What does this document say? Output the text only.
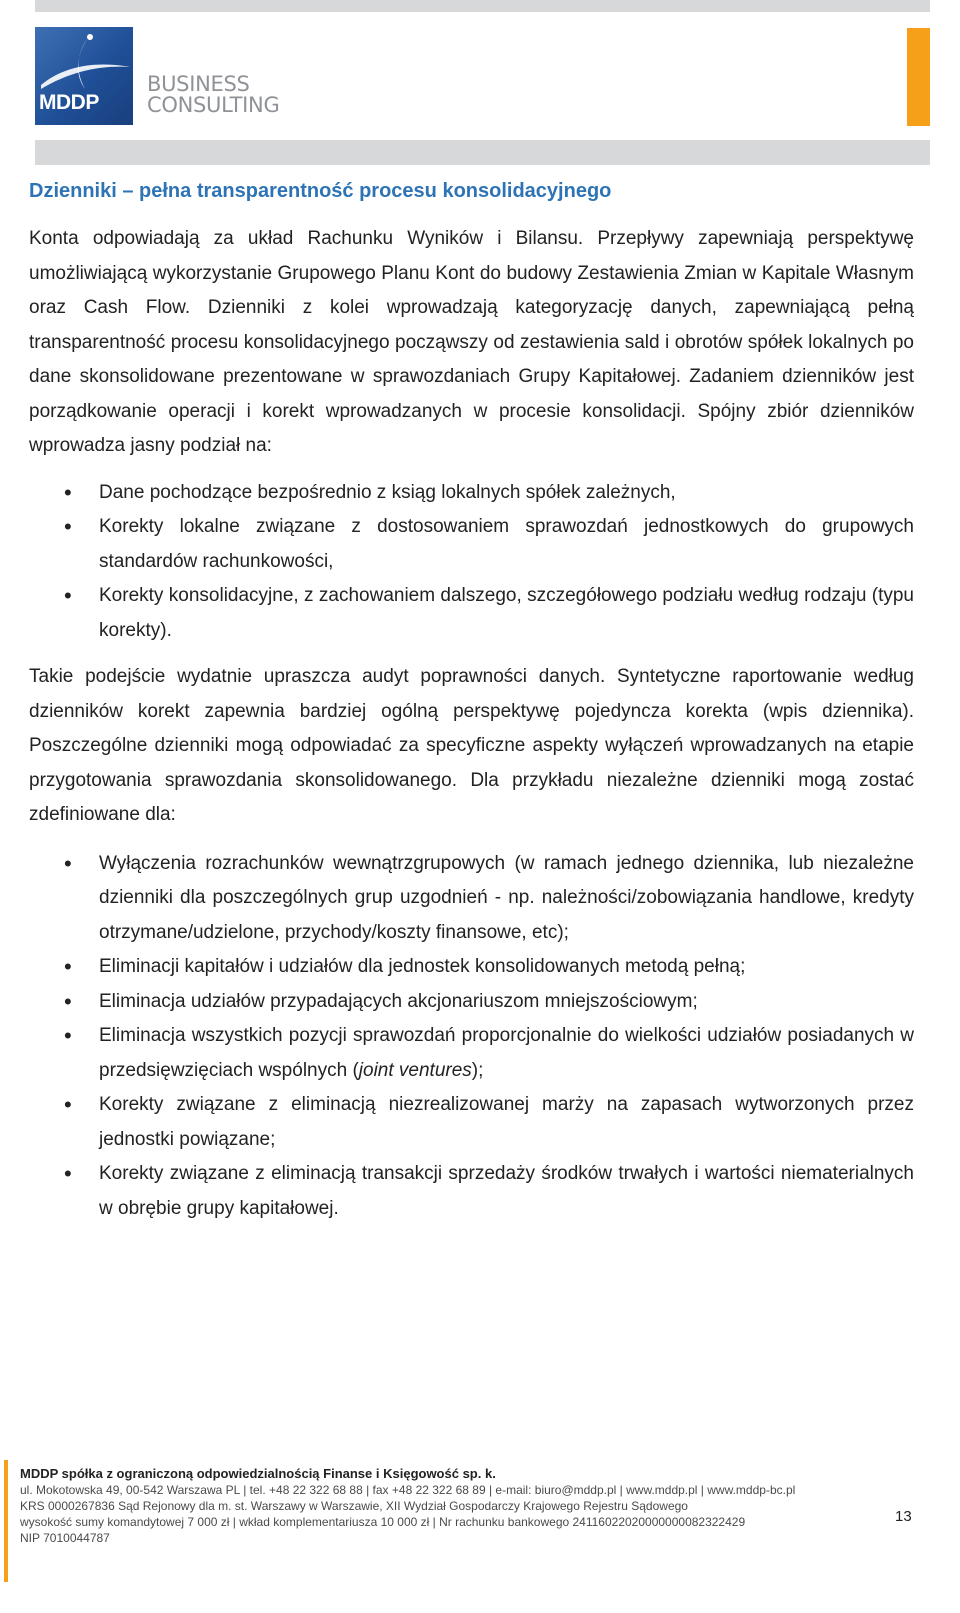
MDDP
BUSINESS
CONSULTING
Dzienniki – pełna transparentność procesu konsolidacyjnego

Konta odpowiadają za układ Rachunku Wyników i Bilansu. Przepływy zapewniają perspektywę umożliwiającą wykorzystanie Grupowego Planu Kont do budowy Zestawienia Zmian w Kapitale Własnym oraz Cash Flow. Dzienniki z kolei wprowadzają kategoryzację danych, zapewniającą pełną transparentność procesu konsolidacyjnego począwszy od zestawienia sald i obrotów spółek lokalnych po dane skonsolidowane prezentowane w sprawozdaniach Grupy Kapitałowej. Zadaniem dzienników jest porządkowanie operacji i korekt wprowadzanych w procesie konsolidacji. Spójny zbiór dzienników wprowadza jasny podział na:

• Dane pochodzące bezpośrednio z ksiąg lokalnych spółek zależnych,
• Korekty lokalne związane z dostosowaniem sprawozdań jednostkowych do grupowych standardów rachunkowości,
• Korekty konsolidacyjne, z zachowaniem dalszego, szczegółowego podziału według rodzaju (typu korekty).

Takie podejście wydatnie upraszcza audyt poprawności danych. Syntetyczne raportowanie według dzienników korekt zapewnia bardziej ogólną perspektywę pojedyncza korekta (wpis dziennika). Poszczególne dzienniki mogą odpowiadać za specyficzne aspekty wyłączeń wprowadzanych na etapie przygotowania sprawozdania skonsolidowanego. Dla przykładu niezależne dzienniki mogą zostać zdefiniowane dla:

• Wyłączenia rozrachunków wewnątrzgrupowych (w ramach jednego dziennika, lub niezależne dzienniki dla poszczególnych grup uzgodnień - np. należności/zobowiązania handlowe, kredyty otrzymane/udzielone, przychody/koszty finansowe, etc);
• Eliminacji kapitałów i udziałów dla jednostek konsolidowanych metodą pełną;
• Eliminacja udziałów przypadających akcjonariuszom mniejszościowym;
• Eliminacja wszystkich pozycji sprawozdań proporcjonalnie do wielkości udziałów posiadanych w przedsięwzięciach wspólnych (joint ventures);
• Korekty związane z eliminacją niezrealizowanej marży na zapasach wytworzonych przez jednostki powiązane;
• Korekty związane z eliminacją transakcji sprzedaży środków trwałych i wartości niematerialnych w obrębie grupy kapitałowej.
MDDP spółka z ograniczoną odpowiedzialnością Finanse i Księgowość sp. k.
ul. Mokotowska 49, 00-542 Warszawa PL | tel. +48 22 322 68 88 | fax +48 22 322 68 89 | e-mail: biuro@mddp.pl | www.mddp.pl | www.mddp-bc.pl
KRS 0000267836 Sąd Rejonowy dla m. st. Warszawy w Warszawie, XII Wydział Gospodarczy Krajowego Rejestru Sądowego
wysokość sumy komandytowej 7 000 zł | wkład komplementariusza 10 000 zł | Nr rachunku bankowego 24116022020000000082322429
NIP 7010044787
13
